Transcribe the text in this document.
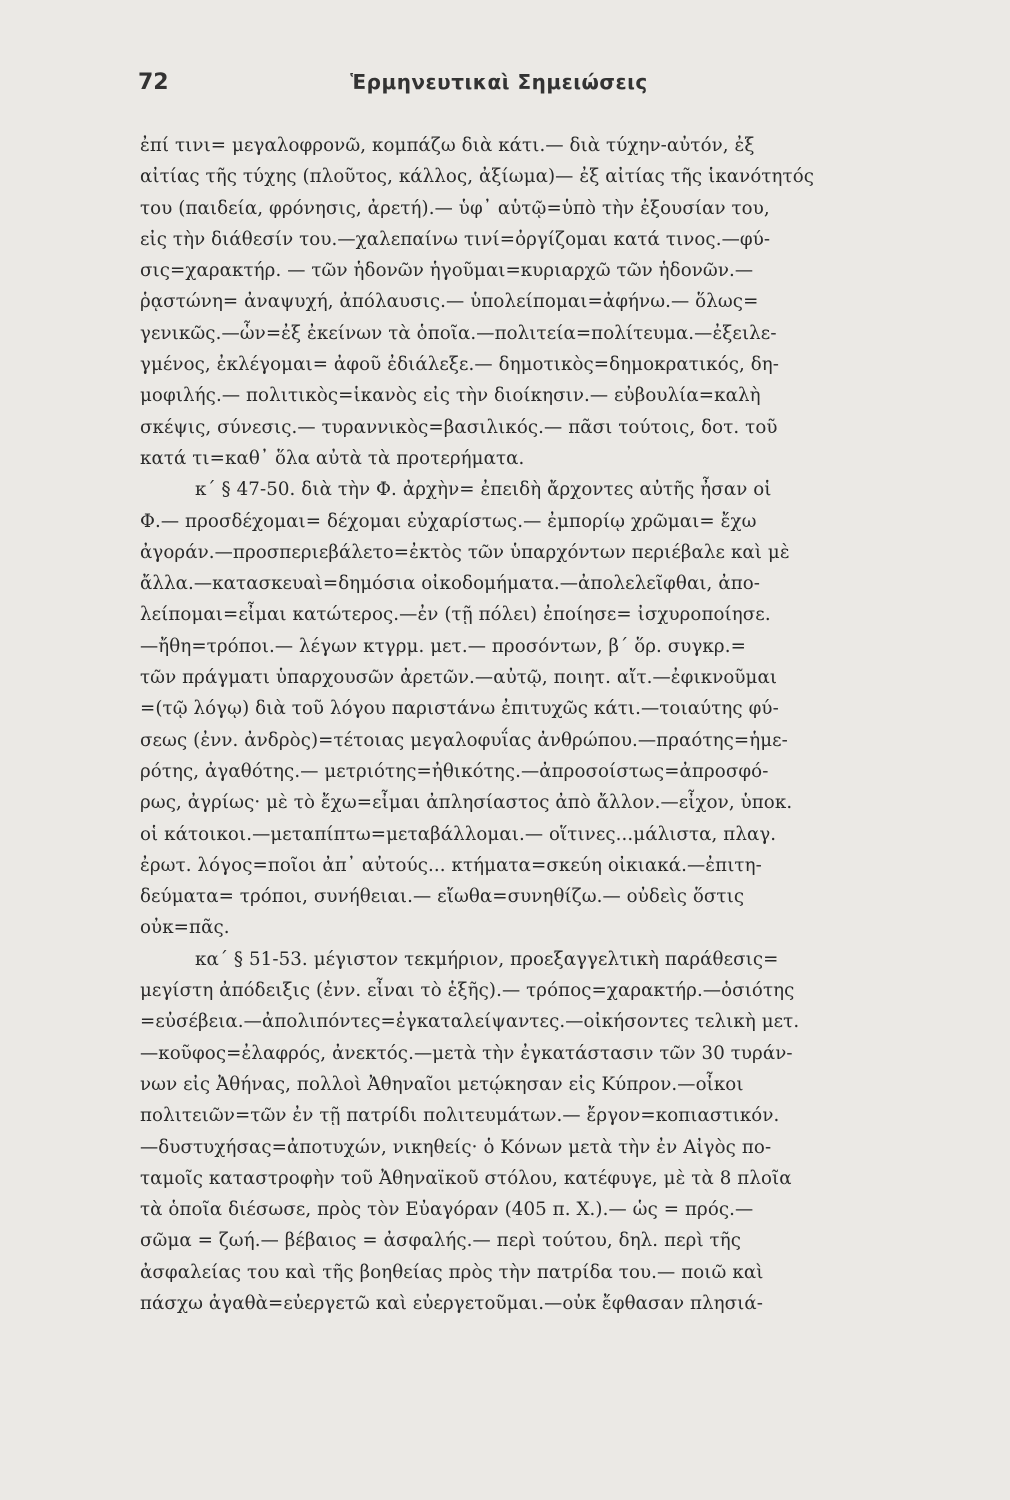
72	Ἑρμηνευτικαὶ Σημειώσεις
ἐπί τινι= μεγαλοφρονῶ, κομπάζω διὰ κάτι.— διὰ τύχην-αὐτόν, ἐξ
αἰτίας τῆς τύχης (πλοῦτος, κάλλος, ἀξίωμα)— ἐξ αἰτίας τῆς ἱκανότητός
του (παιδεία, φρόνησις, ἀρετή).— ὑφ᾽ αὑτῷ=ὑπὸ τὴν ἐξουσίαν του,
εἰς τὴν διάθεσίν του.—χαλεπαίνω τινί=ὀργίζομαι κατά τινος.—φύ-
σις=χαρακτήρ. — τῶν ἡδονῶν ἡγοῦμαι=κυριαρχῶ τῶν ἡδονῶν.—
ῥᾳστώνη= ἀναψυχή, ἀπόλαυσις.— ὑπολείπομαι=ἀφήνω.— ὅλως=
γενικῶς.—ὧν=ἐξ ἐκείνων τὰ ὁποῖα.—πολιτεία=πολίτευμα.—ἐξειλε-
γμένος, ἐκλέγομαι= ἀφοῦ ἐδιάλεξε.— δημοτικὸς=δημοκρατικός, δη-
μοφιλής.— πολιτικὸς=ἱκανὸς εἰς τὴν διοίκησιν.— εὐβουλία=καλὴ
σκέψις, σύνεσις.— τυραννικὸς=βασιλικός.— πᾶσι τούτοις, δοτ. τοῦ
κατά τι=καθ᾽ ὅλα αὐτὰ τὰ προτερήματα.
κ΄ § 47-50. διὰ τὴν Φ. ἀρχὴν= ἐπειδὴ ἄρχοντες αὐτῆς ἦσαν οἱ
Φ.— προσδέχομαι= δέχομαι εὐχαρίστως.— ἐμπορίῳ χρῶμαι= ἔχω
ἀγοράν.—προσπεριεβάλετο=ἐκτὸς τῶν ὑπαρχόντων περιέβαλε καὶ μὲ
ἄλλα.—κατασκευαὶ=δημόσια οἰκοδομήματα.—ἀπολελεῖφθαι, ἀπο-
λείπομαι=εἶμαι κατώτερος.—ἐν (τῇ πόλει) ἐποίησε= ἰσχυροποίησε.
—ἤθη=τρόποι.— λέγων κτγρμ. μετ.— προσόντων, β΄ ὅρ. συγκρ.=
τῶν πράγματι ὑπαρχουσῶν ἀρετῶν.—αὐτῷ, ποιητ. αἴτ.—ἐφικνοῦμαι
=(τῷ λόγῳ) διὰ τοῦ λόγου παριστάνω ἐπιτυχῶς κάτι.—τοιαύτης φύ-
σεως (ἐνν. ἀνδρὸς)=τέτοιας μεγαλοφυΐας ἀνθρώπου.—πραότης=ἡμε-
ρότης, ἀγαθότης.— μετριότης=ἠθικότης.—ἀπροσοίστως=ἀπροσφό-
ρως, ἀγρίως· μὲ τὸ ἔχω=εἶμαι ἀπλησίαστος ἀπὸ ἄλλον.—εἶχον, ὑποκ.
οἱ κάτοικοι.—μεταπίπτω=μεταβάλλομαι.— οἵτινες...μάλιστα, πλαγ.
ἐρωτ. λόγος=ποῖοι ἀπ᾽ αὐτούς... κτήματα=σκεύη οἰκιακά.—ἐπιτη-
δεύματα= τρόποι, συνήθειαι.— εἴωθα=συνηθίζω.— οὐδεὶς ὅστις
οὐκ=πᾶς.
κα΄ § 51-53. μέγιστον τεκμήριον, προεξαγγελτικὴ παράθεσις=
μεγίστη ἀπόδειξις (ἐνν. εἶναι τὸ ἑξῆς).— τρόπος=χαρακτήρ.—ὁσιότης
=εὐσέβεια.—ἀπολιπόντες=ἐγκαταλείψαντες.—οἰκήσοντες τελικὴ μετ.
—κοῦφος=ἐλαφρός, ἀνεκτός.—μετὰ τὴν ἐγκατάστασιν τῶν 30 τυράν-
νων εἰς Ἀθήνας, πολλοὶ Ἀθηναῖοι μετῴκησαν εἰς Κύπρον.—οἶκοι
πολιτειῶν=τῶν ἐν τῇ πατρίδι πολιτευμάτων.— ἔργον=κοπιαστικόν.
—δυστυχήσας=ἀποτυχών, νικηθείς· ὁ Κόνων μετὰ τὴν ἐν Αἰγὸς πο-
ταμοῖς καταστροφὴν τοῦ Ἀθηναϊκοῦ στόλου, κατέφυγε, μὲ τὰ 8 πλοῖα
τὰ ὁποῖα διέσωσε, πρὸς τὸν Εὐαγόραν (405 π. Χ.).— ὡς = πρός.—
σῶμα = ζωή.— βέβαιος = ἀσφαλής.— περὶ τούτου, δηλ. περὶ τῆς
ἀσφαλείας του καὶ τῆς βοηθείας πρὸς τὴν πατρίδα του.— ποιῶ καὶ
πάσχω ἀγαθὰ=εὐεργετῶ καὶ εὐεργετοῦμαι.—οὐκ ἔφθασαν πλησιά-
